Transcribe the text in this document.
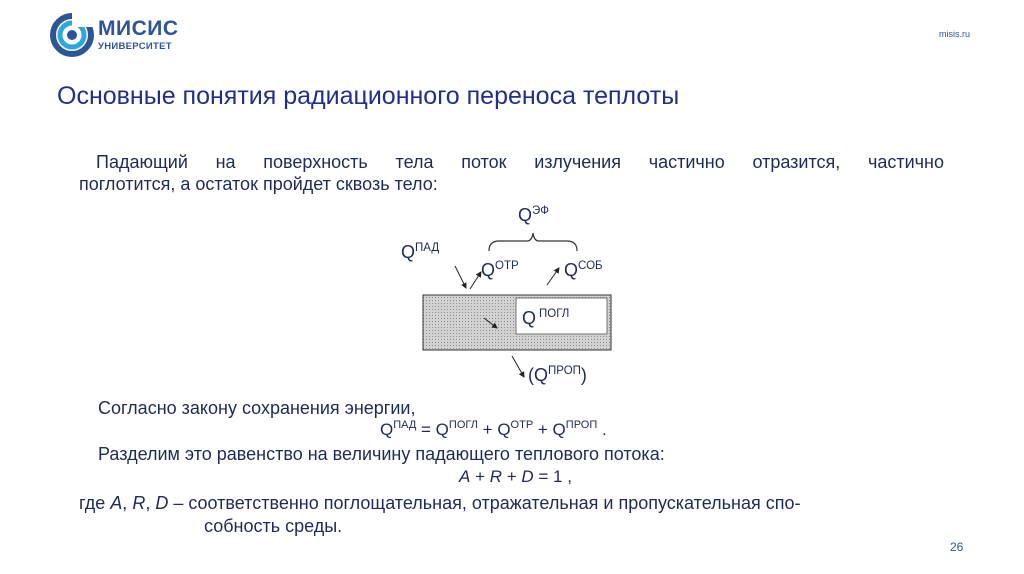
МИСИС
УНИВЕРСИТЕТ
misis.ru
Основные понятия радиационного переноса теплоты
Падающий на поверхность тела поток излучения частично отразится, частично
поглотится, а остаток пройдет сквозь тело:
$Q^{ЭФ}$
$Q^{ПАД}$
$Q^{ОТР}$	$Q^{СОБ}$
Q $^{ПОГЛ}$
$(Q^{ПРОП})$
Согласно закону сохранения энергии,
$Q^{ПАД} = Q^{ПОГЛ} + Q^{ОТР} + Q^{ПРОП}$ .
Разделим это равенство на величину падающего теплового потока:
A + R + D = 1 ,
где A, R, D – соответственно поглощательная, отражательная и пропускательная спо-
собность среды.
26
